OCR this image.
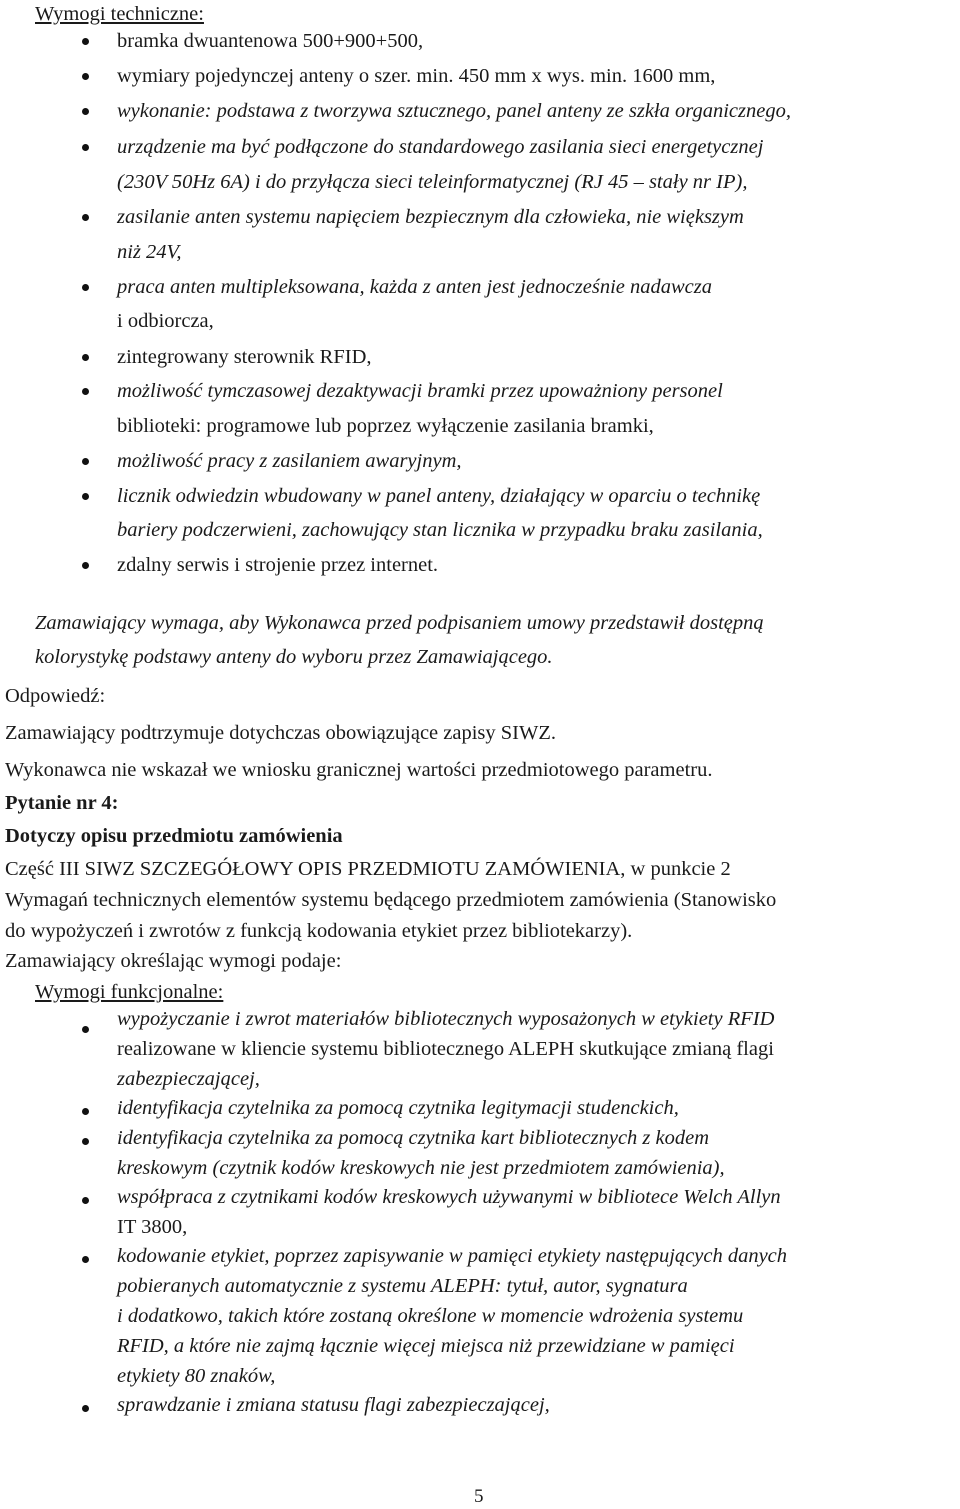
Wymogi techniczne:
bramka dwuantenowa 500+900+500,
wymiary pojedynczej anteny o szer. min. 450 mm x wys. min. 1600 mm,
wykonanie: podstawa z tworzywa sztucznego, panel anteny ze szkła organicznego,
urządzenie ma być podłączone do standardowego zasilania sieci energetycznej
(230V 50Hz 6A) i do przyłącza sieci teleinformatycznej (RJ 45 – stały nr IP),
zasilanie anten systemu napięciem bezpiecznym dla człowieka, nie większym
niż 24V,
praca anten multipleksowana, każda z anten jest jednocześnie nadawcza
i odbiorcza,
zintegrowany sterownik RFID,
możliwość tymczasowej dezaktywacji bramki przez upoważniony personel
biblioteki: programowe lub poprzez wyłączenie zasilania bramki,
możliwość pracy z zasilaniem awaryjnym,
licznik odwiedzin wbudowany w panel anteny, działający w oparciu o technikę
bariery podczerwieni, zachowujący stan licznika w przypadku braku zasilania,
zdalny serwis i strojenie przez internet.
Zamawiający wymaga, aby Wykonawca przed podpisaniem umowy przedstawił dostępną
kolorystykę podstawy anteny do wyboru przez Zamawiającego.
Odpowiedź:
Zamawiający podtrzymuje dotychczas obowiązujące zapisy SIWZ.
Wykonawca nie wskazał we wniosku granicznej wartości przedmiotowego parametru.
Pytanie nr 4:
Dotyczy opisu przedmiotu zamówienia
Część III SIWZ SZCZEGÓŁOWY OPIS PRZEDMIOTU ZAMÓWIENIA, w punkcie 2
Wymagań technicznych elementów systemu będącego przedmiotem zamówienia (Stanowisko
do wypożyczeń i zwrotów z funkcją kodowania etykiet przez bibliotekarzy).
Zamawiający określając wymogi podaje:
Wymogi funkcjonalne:
wypożyczanie i zwrot materiałów bibliotecznych wyposażonych w etykiety RFID
realizowane w kliencie systemu bibliotecznego ALEPH skutkujące zmianą flagi
zabezpieczającej,
identyfikacja czytelnika za pomocą czytnika legitymacji studenckich,
identyfikacja czytelnika za pomocą czytnika kart bibliotecznych z kodem
kreskowym (czytnik kodów kreskowych nie jest przedmiotem zamówienia),
współpraca z czytnikami kodów kreskowych używanymi w bibliotece Welch Allyn
IT 3800,
kodowanie etykiet, poprzez zapisywanie w pamięci etykiety następujących danych
pobieranych automatycznie z systemu ALEPH: tytuł, autor, sygnatura
i dodatkowo, takich które zostaną określone w momencie wdrożenia systemu
RFID, a które nie zajmą łącznie więcej miejsca niż przewidziane w pamięci
etykiety 80 znaków,
sprawdzanie i zmiana statusu flagi zabezpieczającej,
5
